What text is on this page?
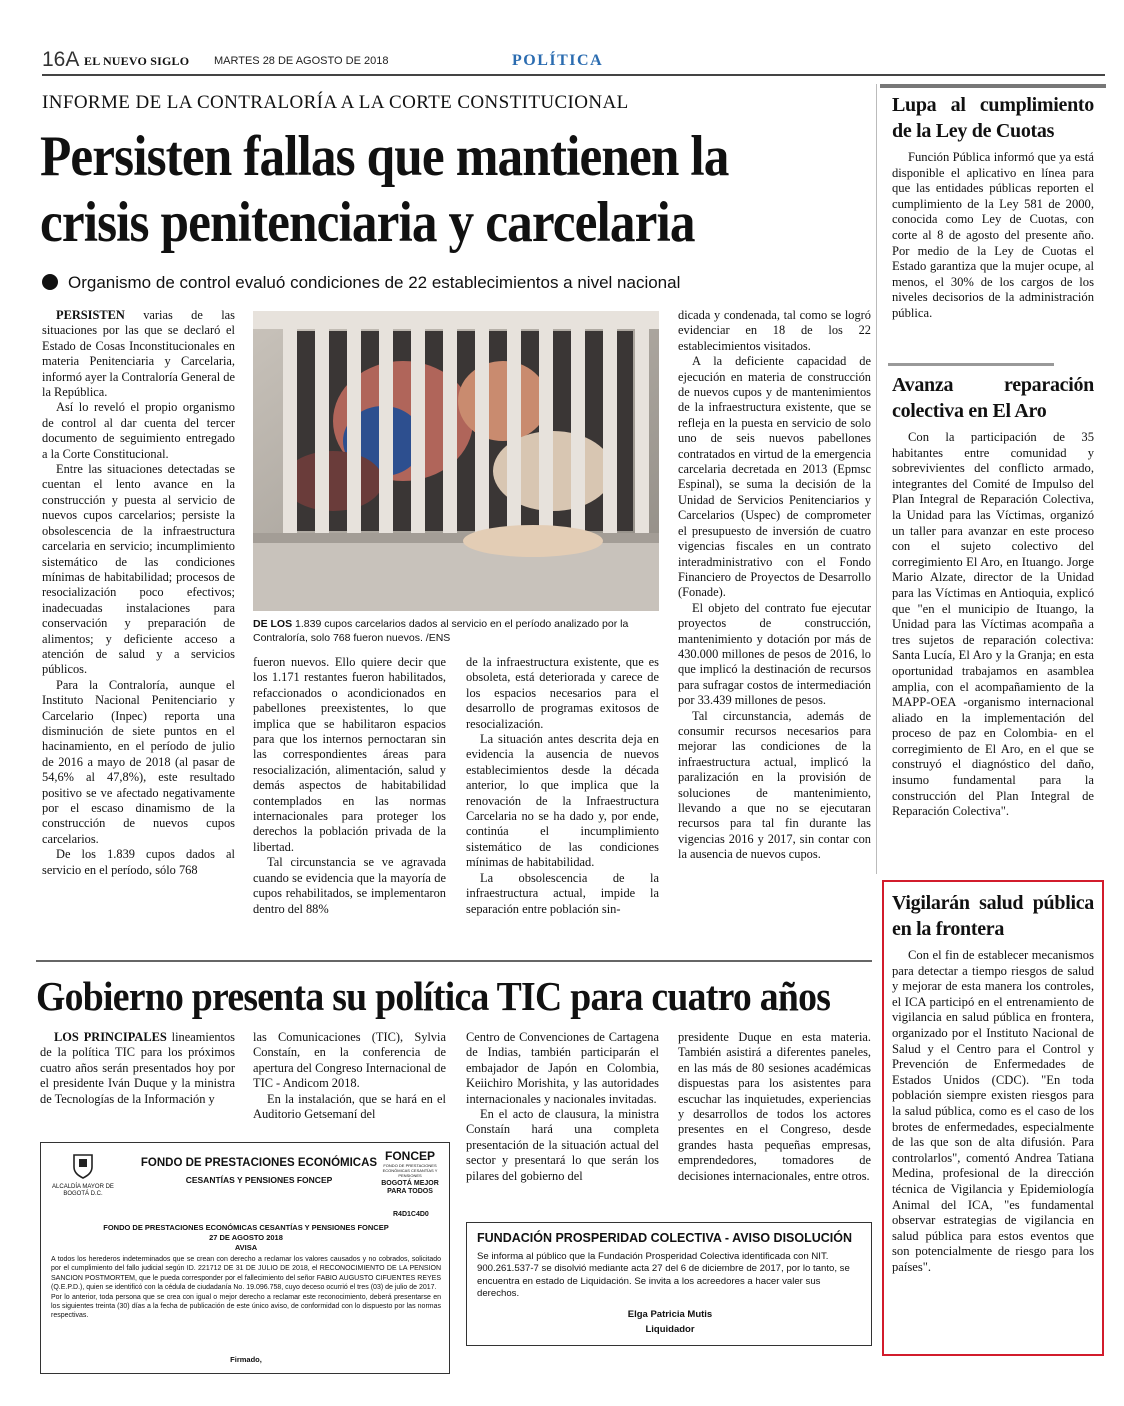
16A EL NUEVO SIGLO MARTES 28 DE AGOSTO DE 2018	POLÍTICA
INFORME DE LA CONTRALORÍA A LA CORTE CONSTITUCIONAL
Persisten fallas que mantienen la
crisis penitenciaria y carcelaria
Organismo de control evaluó condiciones de 22 establecimientos a nivel nacional

PERSISTEN varias de las situaciones por las que se declaró el Estado de Cosas Inconstitucionales en materia Penitenciaria y Carcelaria, informó ayer la Contraloría General de la República.

Así lo reveló el propio organismo de control al dar cuenta del tercer documento de seguimiento entregado a la Corte Constitucional.

Entre las situaciones detectadas se cuentan el lento avance en la construcción y puesta al servicio de nuevos cupos carcelarios; persiste la obsolescencia de la infraestructura carcelaria en servicio; incumplimiento sistemático de las condiciones mínimas de habitabilidad; procesos de resocialización poco efectivos; inadecuadas instalaciones para conservación y preparación de alimentos; y deficiente acceso a atención de salud y a servicios públicos.

Para la Contraloría, aunque el Instituto Nacional Penitenciario y Carcelario (Inpec) reporta una disminución de siete puntos en el hacinamiento, en el período de julio de 2016 a mayo de 2018 (al pasar de 54,6% al 47,8%), este resultado positivo se ve afectado negativamente por el escaso dinamismo de la construcción de nuevos cupos carcelarios.

De los 1.839 cupos dados al servicio en el período, sólo 768

DE LOS 1.839 cupos carcelarios dados al servicio en el período analizado por la Contraloría, solo 768 fueron nuevos. /ENS

fueron nuevos. Ello quiere decir que los 1.171 restantes fueron habilitados, refaccionados o acondicionados en pabellones preexistentes, lo que implica que se habilitaron espacios para que los internos pernoctaran sin las correspondientes áreas para resocialización, alimentación, salud y demás aspectos de habitabilidad contemplados en las normas internacionales para proteger los derechos la población privada de la libertad.

Tal circunstancia se ve agravada cuando se evidencia que la mayoría de cupos rehabilitados, se implementaron dentro del 88%

de la infraestructura existente, que es obsoleta, está deteriorada y carece de los espacios necesarios para el desarrollo de programas exitosos de resocialización.

La situación antes descrita deja en evidencia la ausencia de nuevos establecimientos desde la década anterior, lo que implica que la renovación de la Infraestructura Carcelaria no se ha dado y, por ende, continúa el incumplimiento sistemático de las condiciones mínimas de habitabilidad.

La obsolescencia de la infraestructura actual, impide la separación entre población sin-

dicada y condenada, tal como se logró evidenciar en 18 de los 22 establecimientos visitados.

A la deficiente capacidad de ejecución en materia de construcción de nuevos cupos y de mantenimientos de la infraestructura existente, que se refleja en la puesta en servicio de solo uno de seis nuevos pabellones contratados en virtud de la emergencia carcelaria decretada en 2013 (Epmsc Espinal), se suma la decisión de la Unidad de Servicios Penitenciarios y Carcelarios (Uspec) de comprometer el presupuesto de inversión de cuatro vigencias fiscales en un contrato interadministrativo con el Fondo Financiero de Proyectos de Desarrollo (Fonade).

El objeto del contrato fue ejecutar proyectos de construcción, mantenimiento y dotación por más de 430.000 millones de pesos de 2016, lo que implicó la destinación de recursos para sufragar costos de intermediación por 33.439 millones de pesos.

Tal circunstancia, además de consumir recursos necesarios para mejorar las condiciones de la infraestructura actual, implicó la paralización en la provisión de soluciones de mantenimiento, llevando a que no se ejecutaran recursos para tal fin durante las vigencias 2016 y 2017, sin contar con la ausencia de nuevos cupos.

Lupa al cumplimiento de la Ley de Cuotas

Función Pública informó que ya está disponible el aplicativo en línea para que las entidades públicas reporten el cumplimiento de la Ley 581 de 2000, conocida como Ley de Cuotas, con corte al 8 de agosto del presente año. Por medio de la Ley de Cuotas el Estado garantiza que la mujer ocupe, al menos, el 30% de los cargos de los niveles decisorios de la administración pública.

Avanza reparación colectiva en El Aro

Con la participación de 35 habitantes entre comunidad y sobrevivientes del conflicto armado, integrantes del Comité de Impulso del Plan Integral de Reparación Colectiva, la Unidad para las Víctimas, organizó un taller para avanzar en este proceso con el sujeto colectivo del corregimiento El Aro, en Ituango. Jorge Mario Alzate, director de la Unidad para las Víctimas en Antioquia, explicó que "en el municipio de Ituango, la Unidad para las Víctimas acompaña a tres sujetos de reparación colectiva: Santa Lucía, El Aro y la Granja; en esta oportunidad trabajamos en asamblea amplia, con el acompañamiento de la MAPP-OEA -organismo internacional aliado en la implementación del proceso de paz en Colombia- en el corregimiento de El Aro, en el que se construyó el diagnóstico del daño, insumo fundamental para la construcción del Plan Integral de Reparación Colectiva".

Vigilarán salud pública en la frontera

Con el fin de establecer mecanismos para detectar a tiempo riesgos de salud y mejorar de esta manera los controles, el ICA participó en el entrenamiento de vigilancia en salud pública en frontera, organizado por el Instituto Nacional de Salud y el Centro para el Control y Prevención de Enfermedades de Estados Unidos (CDC). "En toda población siempre existen riesgos para la salud pública, como es el caso de los brotes de enfermedades, especialmente de las que son de alta difusión. Para controlarlos", comentó Andrea Tatiana Medina, profesional de la dirección técnica de Vigilancia y Epidemiología Animal del ICA, "es fundamental observar estrategias de vigilancia en salud pública para estos eventos que son potencialmente de riesgo para los países".

Gobierno presenta su política TIC para cuatro años

LOS PRINCIPALES lineamientos de la política TIC para los próximos cuatro años serán presentados hoy por el presidente Iván Duque y la ministra de Tecnologías de la Información y

las Comunicaciones (TIC), Sylvia Constaín, en la conferencia de apertura del Congreso Internacional de TIC - Andicom 2018.

En la instalación, que se hará en el Auditorio Getsemaní del

Centro de Convenciones de Cartagena de Indias, también participarán el embajador de Japón en Colombia, Keiichiro Morishita, y las autoridades internacionales y nacionales invitadas.

En el acto de clausura, la ministra Constaín hará una completa presentación de la situación actual del sector y presentará lo que serán los pilares del gobierno del

presidente Duque en esta materia. También asistirá a diferentes paneles, en las más de 80 sesiones académicas dispuestas para los asistentes para escuchar las inquietudes, experiencias y desarrollos de todos los actores presentes en el Congreso, desde grandes hasta pequeñas empresas, emprendedores, tomadores de decisiones internacionales, entre otros.

ALCALDÍA MAYOR DE BOGOTÁ D.C.
FONDO DE PRESTACIONES ECONÓMICAS
CESANTÍAS Y PENSIONES FONCEP
FONCEP
FONDO DE PRESTACIONES ECONÓMICAS CESANTÍAS Y PENSIONES
BOGOTÁ MEJOR PARA TODOS
R4D1C4D0
FONDO DE PRESTACIONES ECONÓMICAS CESANTÍAS Y PENSIONES FONCEP
27 DE AGOSTO 2018
AVISA
A todos los herederos indeterminados que se crean con derecho a reclamar los valores causados y no cobrados, solicitado por el cumplimiento del fallo judicial según ID. 221712 DE 31 DE JULIO DE 2018, el RECONOCIMIENTO DE LA PENSION SANCION POSTMORTEM, que le pueda corresponder por el fallecimiento del señor FABIO AUGUSTO CIFUENTES REYES (Q.E.P.D.), quien se identificó con la cédula de ciudadanía No. 19.096.758, cuyo deceso ocurrió el tres (03) de julio de 2017.
Por lo anterior, toda persona que se crea con igual o mejor derecho a reclamar este reconocimiento, deberá presentarse en los siguientes treinta (30) días a la fecha de publicación de este único aviso, de conformidad con lo dispuesto por las normas respectivas.
Firmado,
FUNDACIÓN PROSPERIDAD COLECTIVA - AVISO DISOLUCIÓN
Se informa al público que la Fundación Prosperidad Colectiva identificada con NIT. 900.261.537-7 se disolvió mediante acta 27 del 6 de diciembre de 2017, por lo tanto, se encuentra en estado de Liquidación. Se invita a los acreedores a hacer valer sus derechos.
Elga Patricia Mutis
Liquidador
